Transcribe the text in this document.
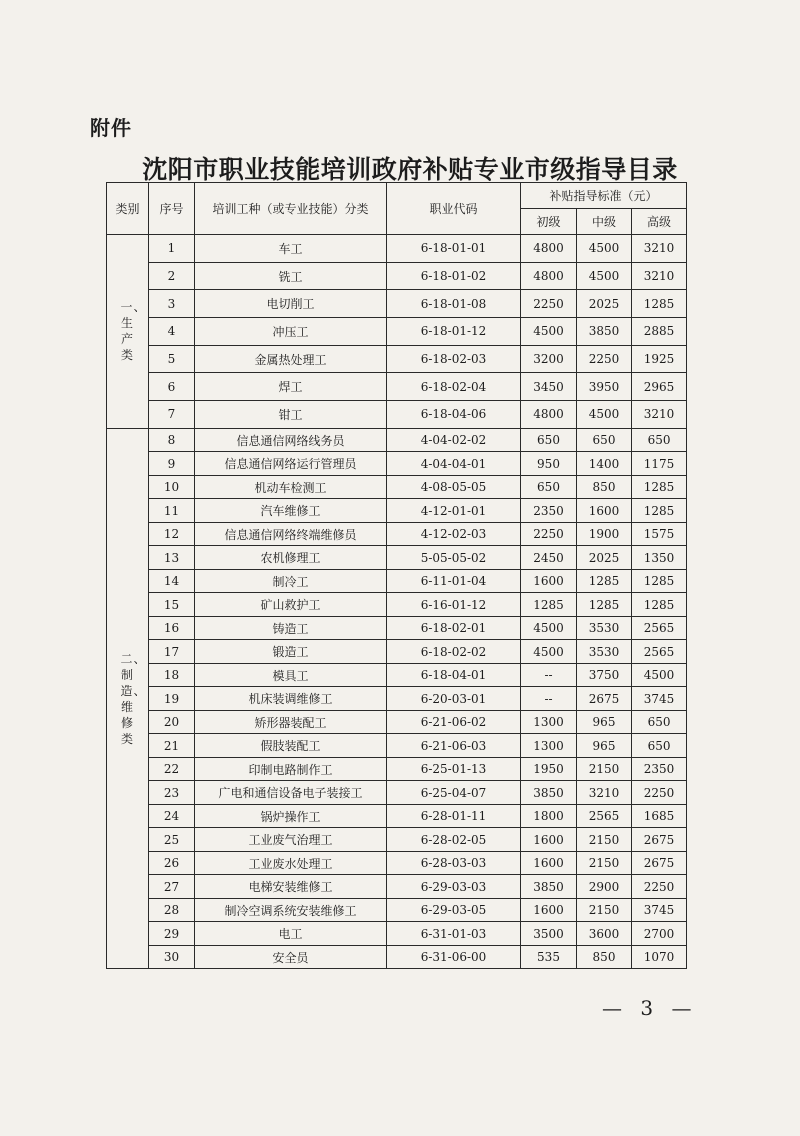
附件
沈阳市职业技能培训政府补贴专业市级指导目录
类别	序号	培训工种（或专业技能）分类	职业代码	补贴指导标准（元）		
				初级	中级	高级
一、生产类	1	车工	6-18-01-01	4800	4500	3210
	2	铣工	6-18-01-02	4800	4500	3210
	3	电切削工	6-18-01-08	2250	2025	1285
	4	冲压工	6-18-01-12	4500	3850	2885
	5	金属热处理工	6-18-02-03	3200	2250	1925
	6	焊工	6-18-02-04	3450	3950	2965
	7	钳工	6-18-04-06	4800	4500	3210
二、制造、维修类	8	信息通信网络线务员	4-04-02-02	650	650	650
	9	信息通信网络运行管理员	4-04-04-01	950	1400	1175
	10	机动车检测工	4-08-05-05	650	850	1285
	11	汽车维修工	4-12-01-01	2350	1600	1285
	12	信息通信网络终端维修员	4-12-02-03	2250	1900	1575
	13	农机修理工	5-05-05-02	2450	2025	1350
	14	制冷工	6-11-01-04	1600	1285	1285
	15	矿山救护工	6-16-01-12	1285	1285	1285
	16	铸造工	6-18-02-01	4500	3530	2565
	17	锻造工	6-18-02-02	4500	3530	2565
	18	模具工	6-18-04-01	--	3750	4500
	19	机床装调维修工	6-20-03-01	--	2675	3745
	20	矫形器装配工	6-21-06-02	1300	965	650
	21	假肢装配工	6-21-06-03	1300	965	650
	22	印制电路制作工	6-25-01-13	1950	2150	2350
	23	广电和通信设备电子装接工	6-25-04-07	3850	3210	2250
	24	锅炉操作工	6-28-01-11	1800	2565	1685
	25	工业废气治理工	6-28-02-05	1600	2150	2675
	26	工业废水处理工	6-28-03-03	1600	2150	2675
	27	电梯安装维修工	6-29-03-03	3850	2900	2250
	28	制冷空调系统安装维修工	6-29-03-05	1600	2150	3745
	29	电工	6-31-01-03	3500	3600	2700
	30	安全员	6-31-06-00	535	850	1070
— 3 —
